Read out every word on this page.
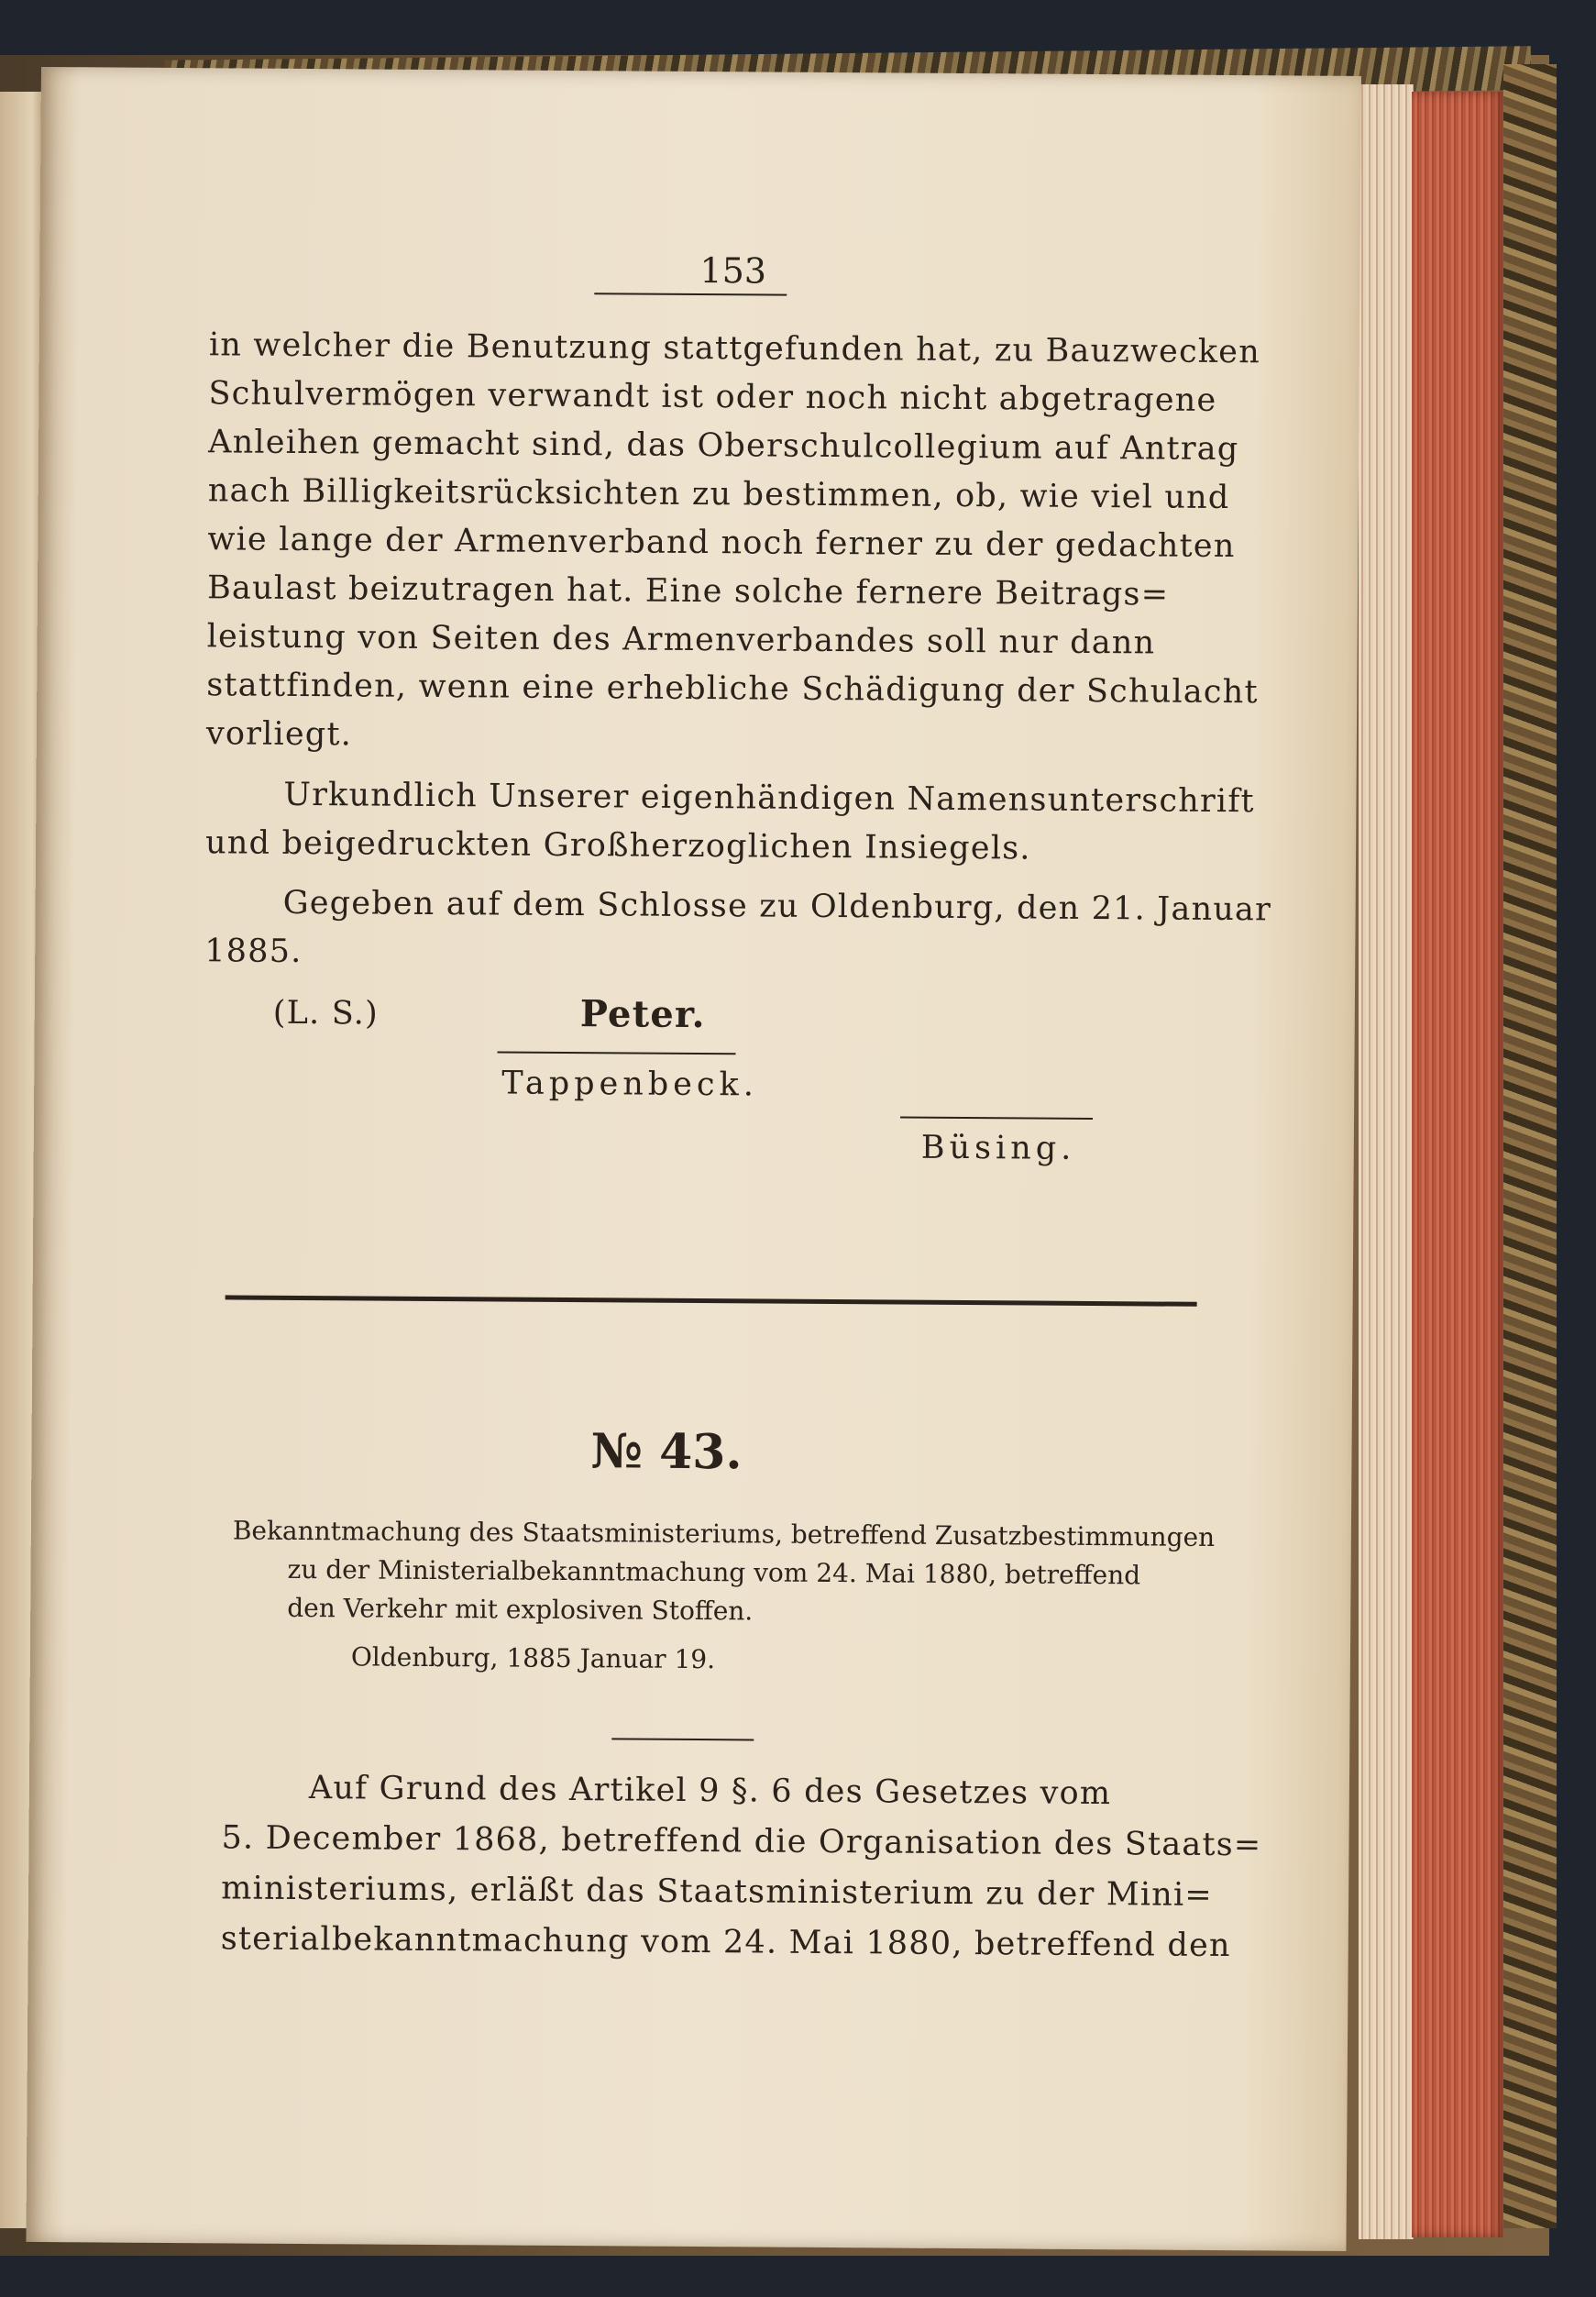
153
in welcher die Benutzung stattgefunden hat, zu Bauzwecken
Schulvermögen verwandt ist oder noch nicht abgetragene
Anleihen gemacht sind, das Oberschulcollegium auf Antrag
nach Billigkeitsrücksichten zu bestimmen, ob, wie viel und
wie lange der Armenverband noch ferner zu der gedachten
Baulast beizutragen hat. Eine solche fernere Beitrags=
leistung von Seiten des Armenverbandes soll nur dann
stattfinden, wenn eine erhebliche Schädigung der Schulacht
vorliegt.
Urkundlich Unserer eigenhändigen Namensunterschrift
und beigedruckten Großherzoglichen Insiegels.
Gegeben auf dem Schlosse zu Oldenburg, den 21. Januar
1885.
(L. S.)	Peter.
Tappenbeck.
Büsing.
№ 43.
Bekanntmachung des Staatsministeriums, betreffend Zusatzbestimmungen
zu der Ministerialbekanntmachung vom 24. Mai 1880, betreffend
den Verkehr mit explosiven Stoffen.
Oldenburg, 1885 Januar 19.
Auf Grund des Artikel 9 §. 6 des Gesetzes vom
5. December 1868, betreffend die Organisation des Staats=
ministeriums, erläßt das Staatsministerium zu der Mini=
sterialbekanntmachung vom 24. Mai 1880, betreffend den
